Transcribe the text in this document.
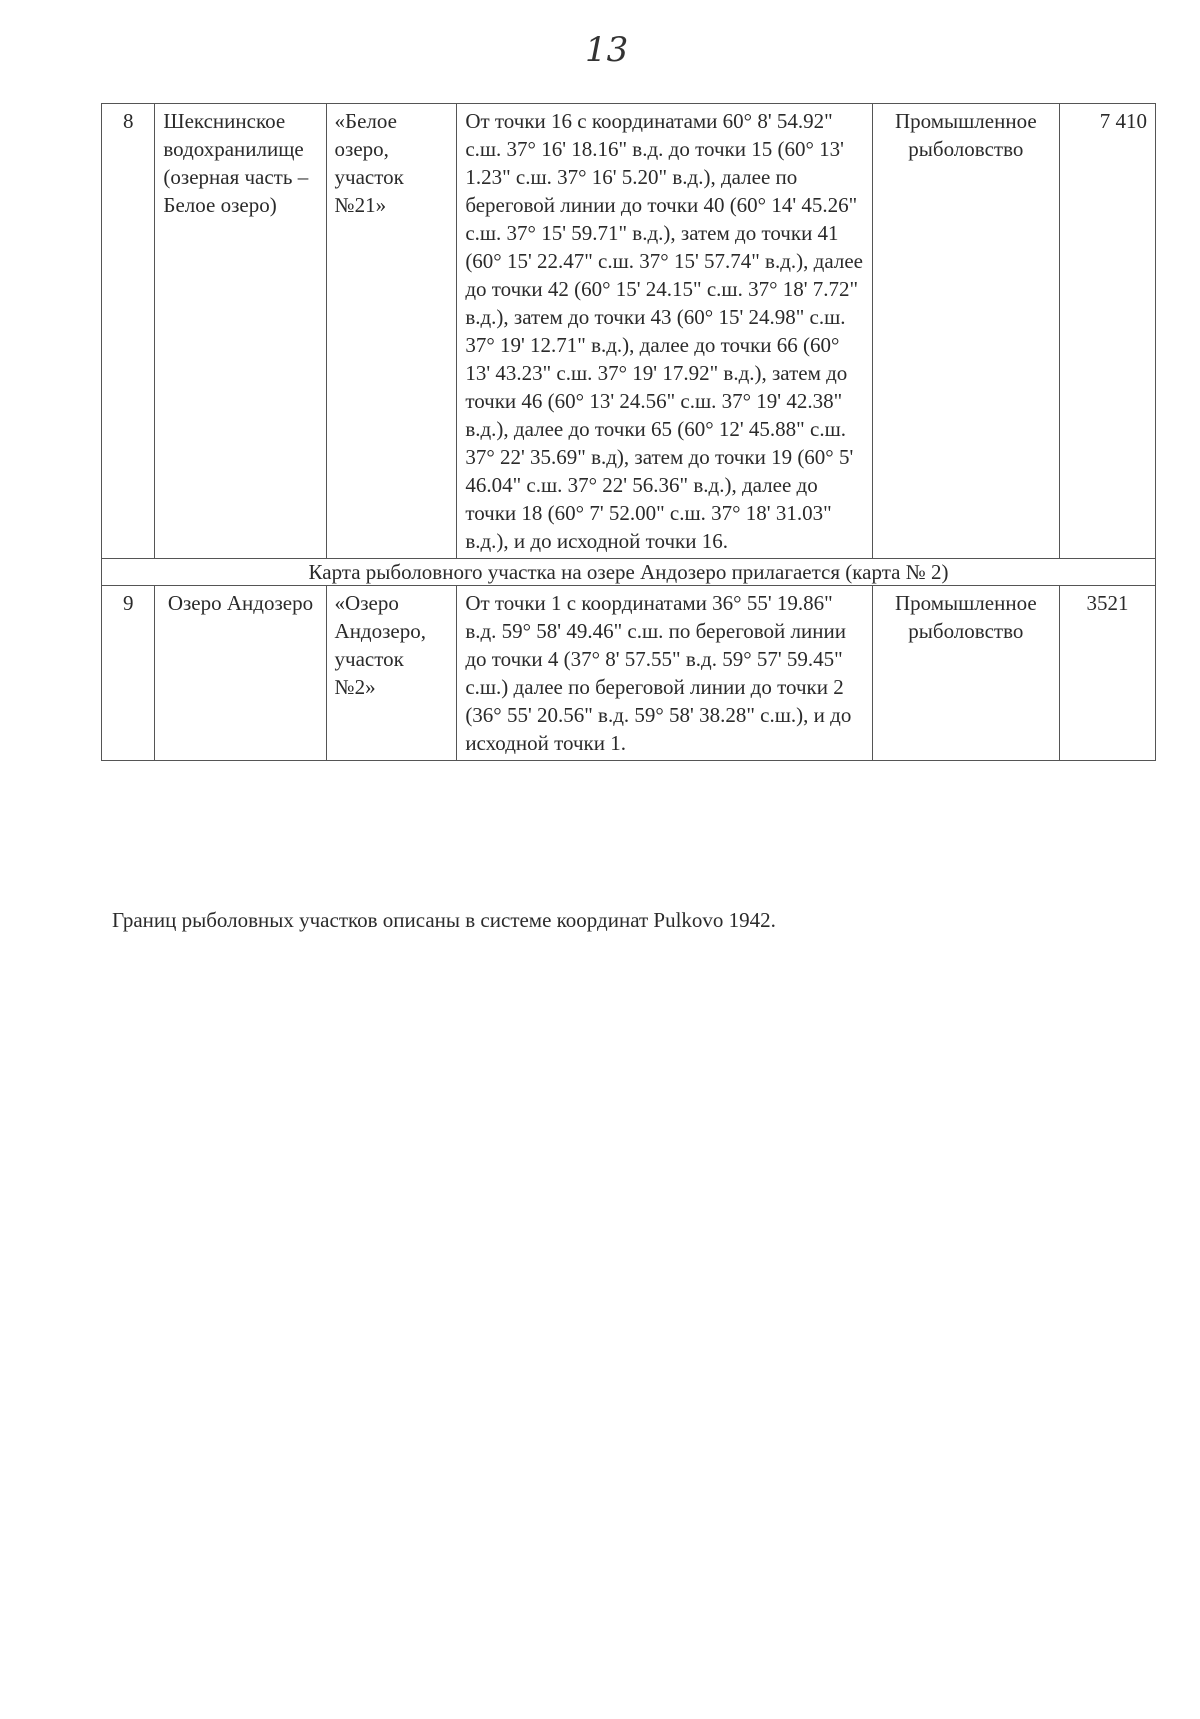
13
8	Шекснинское водохранилище (озерная часть – Белое озеро)	«Белое озеро, участок №21»	От точки 16 с координатами 60° 8' 54.92" с.ш. 37° 16' 18.16" в.д. до точки 15 (60° 13' 1.23" с.ш. 37° 16' 5.20" в.д.), далее по береговой линии до точки 40 (60° 14' 45.26" с.ш. 37° 15' 59.71" в.д.), затем до точки 41 (60° 15' 22.47" с.ш. 37° 15' 57.74" в.д.), далее до точки 42 (60° 15' 24.15" с.ш. 37° 18' 7.72" в.д.), затем до точки 43 (60° 15' 24.98" с.ш. 37° 19' 12.71" в.д.), далее до точки 66 (60° 13' 43.23" с.ш. 37° 19' 17.92" в.д.), затем до точки 46 (60° 13' 24.56" с.ш. 37° 19' 42.38" в.д.), далее до точки 65 (60° 12' 45.88" с.ш. 37° 22' 35.69" в.д), затем до точки 19 (60° 5' 46.04" с.ш. 37° 22' 56.36" в.д.), далее до точки 18 (60° 7' 52.00" с.ш. 37° 18' 31.03" в.д.), и до исходной точки 16.	Промышленное рыболовство	7 410
Карта рыболовного участка на озере Андозеро прилагается (карта № 2)					
9	Озеро Андозеро	«Озеро Андозеро, участок №2»	От точки 1 с координатами 36° 55' 19.86" в.д. 59° 58' 49.46" с.ш. по береговой линии до точки 4 (37° 8' 57.55" в.д. 59° 57' 59.45" с.ш.) далее по береговой линии до точки 2 (36° 55' 20.56" в.д. 59° 58' 38.28" с.ш.), и до исходной точки 1.	Промышленное рыболовство	3521
Границ рыболовных участков описаны в системе координат Pulkovo 1942.
